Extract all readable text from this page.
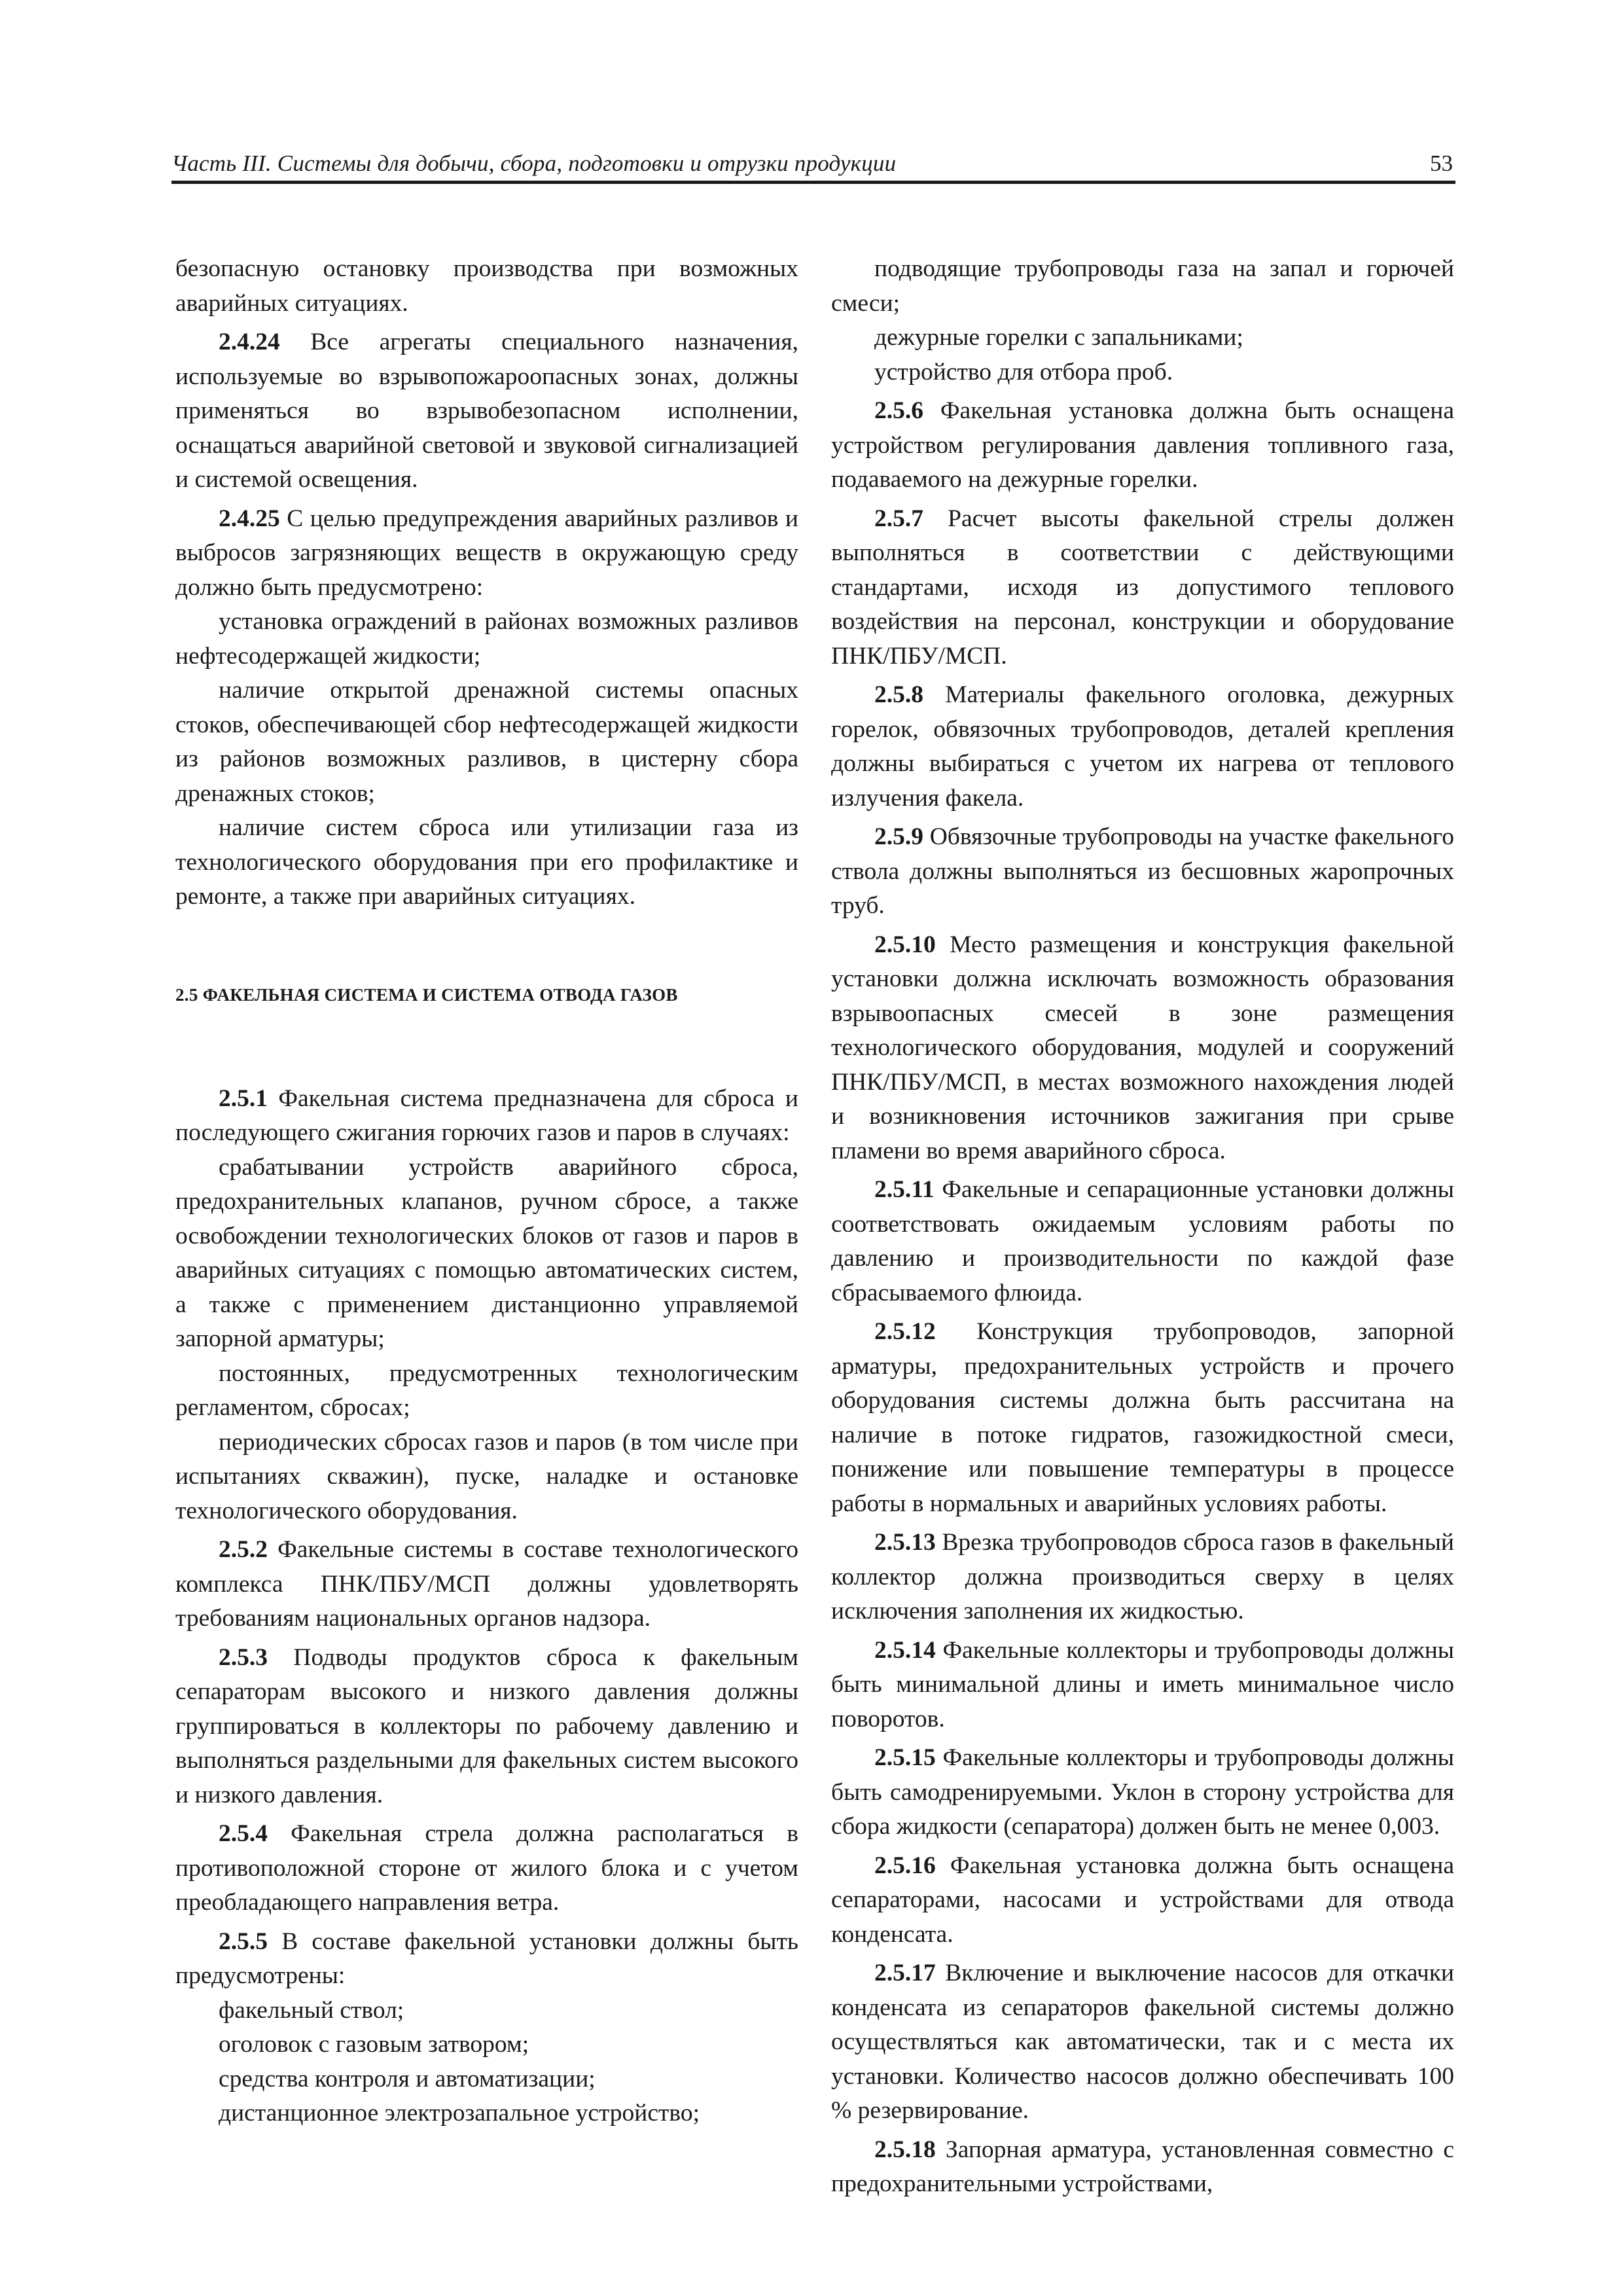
Часть III. Системы для добычи, сбора, подготовки и отрузки продукции	53

безопасную остановку производства при возможных аварийных ситуациях.

2.4.24 Все агрегаты специального назначения, используемые во взрывопожароопасных зонах, должны применяться во взрывобезопасном исполнении, оснащаться аварийной световой и звуковой сигнализацией и системой освещения.

2.4.25 С целью предупреждения аварийных разливов и выбросов загрязняющих веществ в окружающую среду должно быть предусмотрено:

установка ограждений в районах возможных разливов нефтесодержащей жидкости;

наличие открытой дренажной системы опасных стоков, обеспечивающей сбор нефтесодержащей жидкости из районов возможных разливов, в цистерну сбора дренажных стоков;

наличие систем сброса или утилизации газа из технологического оборудования при его профилактике и ремонте, а также при аварийных ситуациях.

2.5 ФАКЕЛЬНАЯ СИСТЕМА И СИСТЕМА ОТВОДА ГАЗОВ

2.5.1 Факельная система предназначена для сброса и последующего сжигания горючих газов и паров в случаях:

срабатывании устройств аварийного сброса, предохранительных клапанов, ручном сбросе, а также освобождении технологических блоков от газов и паров в аварийных ситуациях с помощью автоматических систем, а также с применением дистанционно управляемой запорной арматуры;

постоянных, предусмотренных технологическим регламентом, сбросах;

периодических сбросах газов и паров (в том числе при испытаниях скважин), пуске, наладке и остановке технологического оборудования.

2.5.2 Факельные системы в составе технологического комплекса ПНК/ПБУ/МСП должны удовлетворять требованиям национальных органов надзора.

2.5.3 Подводы продуктов сброса к факельным сепараторам высокого и низкого давления должны группироваться в коллекторы по рабочему давлению и выполняться раздельными для факельных систем высокого и низкого давления.

2.5.4 Факельная стрела должна располагаться в противоположной стороне от жилого блока и с учетом преобладающего направления ветра.

2.5.5 В составе факельной установки должны быть предусмотрены:

факельный ствол;

оголовок с газовым затвором;

средства контроля и автоматизации;

дистанционное электрозапальное устройство;

подводящие трубопроводы газа на запал и горючей смеси;

дежурные горелки с запальниками;

устройство для отбора проб.

2.5.6 Факельная установка должна быть оснащена устройством регулирования давления топливного газа, подаваемого на дежурные горелки.

2.5.7 Расчет высоты факельной стрелы должен выполняться в соответствии с действующими стандартами, исходя из допустимого теплового воздействия на персонал, конструкции и оборудование ПНК/ПБУ/МСП.

2.5.8 Материалы факельного оголовка, дежурных горелок, обвязочных трубопроводов, деталей крепления должны выбираться с учетом их нагрева от теплового излучения факела.

2.5.9 Обвязочные трубопроводы на участке факельного ствола должны выполняться из бесшовных жаропрочных труб.

2.5.10 Место размещения и конструкция факельной установки должна исключать возможность образования взрывоопасных смесей в зоне размещения технологического оборудования, модулей и сооружений ПНК/ПБУ/МСП, в местах возможного нахождения людей и возникновения источников зажигания при срыве пламени во время аварийного сброса.

2.5.11 Факельные и сепарационные установки должны соответствовать ожидаемым условиям работы по давлению и производительности по каждой фазе сбрасываемого флюида.

2.5.12 Конструкция трубопроводов, запорной арматуры, предохранительных устройств и прочего оборудования системы должна быть рассчитана на наличие в потоке гидратов, газожидкостной смеси, понижение или повышение температуры в процессе работы в нормальных и аварийных условиях работы.

2.5.13 Врезка трубопроводов сброса газов в факельный коллектор должна производиться сверху в целях исключения заполнения их жидкостью.

2.5.14 Факельные коллекторы и трубопроводы должны быть минимальной длины и иметь минимальное число поворотов.

2.5.15 Факельные коллекторы и трубопроводы должны быть самодренируемыми. Уклон в сторону устройства для сбора жидкости (сепаратора) должен быть не менее 0,003.

2.5.16 Факельная установка должна быть оснащена сепараторами, насосами и устройствами для отвода конденсата.

2.5.17 Включение и выключение насосов для откачки конденсата из сепараторов факельной системы должно осуществляться как автоматически, так и с места их установки. Количество насосов должно обеспечивать 100 % резервирование.

2.5.18 Запорная арматура, установленная совместно с предохранительными устройствами,
